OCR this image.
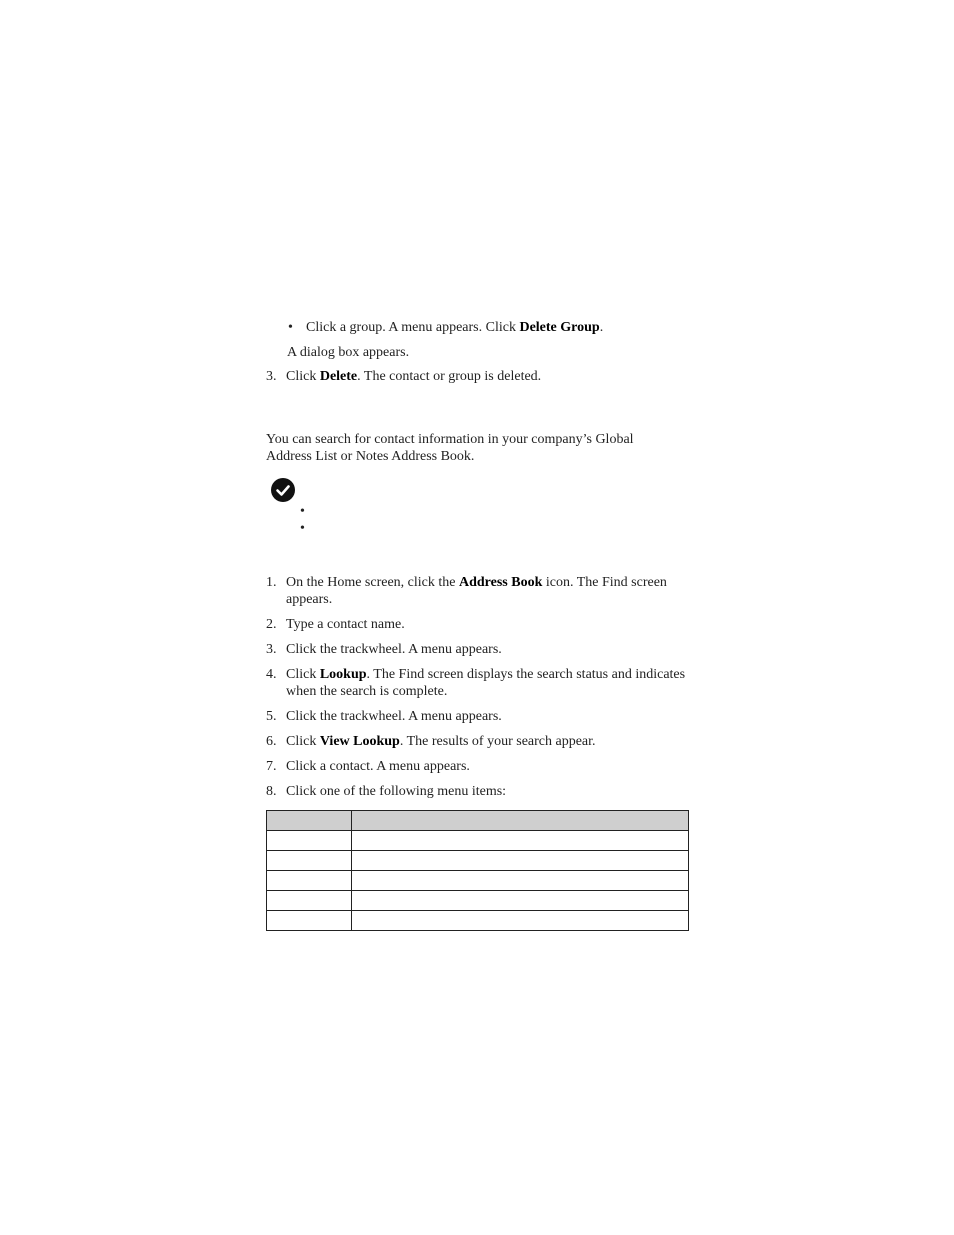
• Click a group. A menu appears. Click Delete Group.
A dialog box appears.
3. Click Delete. The contact or group is deleted.
You can search for contact information in your company’s Global
Address List or Notes Address Book.
•
•
1. On the Home screen, click the Address Book icon. The Find screen appears.
2. Type a contact name.
3. Click the trackwheel. A menu appears.
4. Click Lookup. The Find screen displays the search status and indicates when the search is complete.
5. Click the trackwheel. A menu appears.
6. Click View Lookup. The results of your search appear.
7. Click a contact. A menu appears.
8. Click one of the following menu items:
